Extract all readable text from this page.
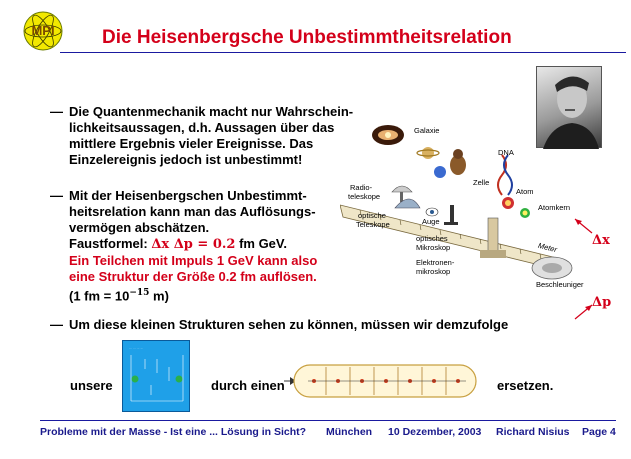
MPI	Die Heisenbergsche Unbestimmtheitsrelation
— Die Quantenmechanik macht nur Wahrschein-
lichkeitsaussagen, d.h. Aussagen über das
mittlere Ergebnis vieler Ereignisse. Das
Einzelereignis jedoch ist unbestimmt!
— Mit der Heisenbergschen Unbestimmt-
heitsrelation kann man das Auflösungs-
vermögen abschätzen.
Faustformel: Δx Δp = 0.2 fm GeV.
Ein Teilchen mit Impuls 1 GeV kann also
eine Struktur der Größe 0.2 fm auflösen.
(1 fm = $10^{-15}$ m)
Galaxie
Radio-
teleskope
optische
Teleskope	Auge
Zelle
DNA
Atom
Atomkern
optisches
Mikroskop
Elektronen-
mikroskop
Meter
Beschleuniger
Δx
Δp
— Um diese kleinen Strukturen sehen zu können, müssen wir demzufolge
unsere
··· ··· ··· ···
durch einen	ersetzen.
Probleme mit der Masse - Ist eine ... Lösung in Sicht? München 10 Dezember, 2003 Richard Nisius Page 4
